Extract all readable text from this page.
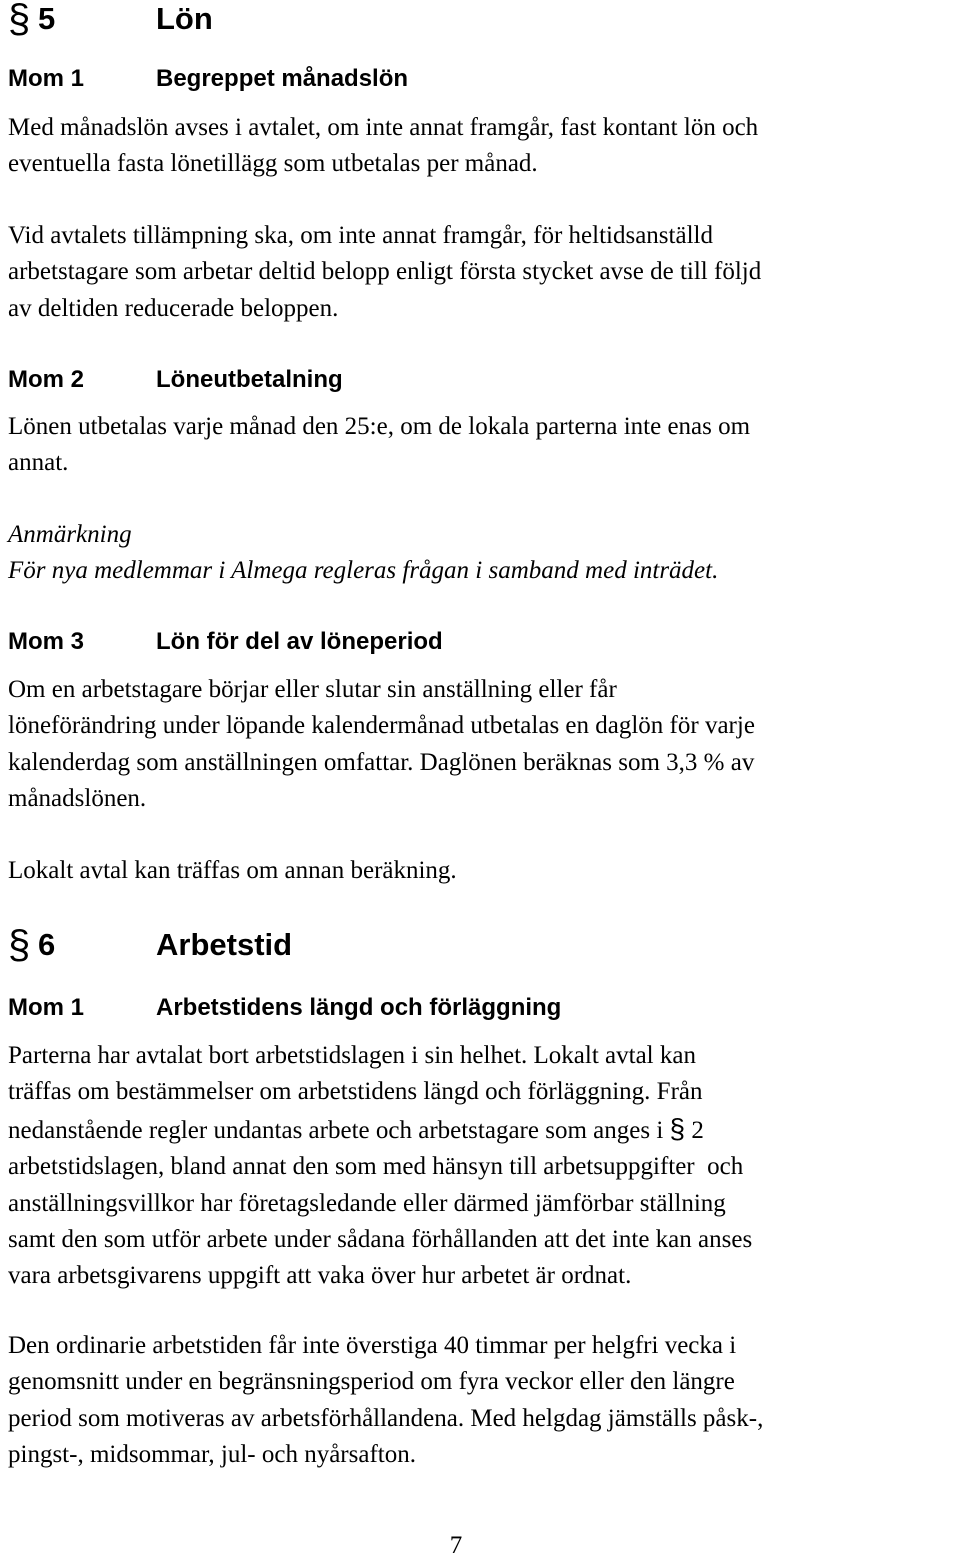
§ 5	Lön
Mom 1	Begreppet månadslön
Med månadslön avses i avtalet, om inte annat framgår, fast kontant lön och
eventuella fasta lönetillägg som utbetalas per månad.
Vid avtalets tillämpning ska, om inte annat framgår, för heltidsanställd
arbetstagare som arbetar deltid belopp enligt första stycket avse de till följd
av deltiden reducerade beloppen.
Mom 2	Löneutbetalning
Lönen utbetalas varje månad den 25:e, om de lokala parterna inte enas om
annat.
Anmärkning
För nya medlemmar i Almega regleras frågan i samband med inträdet.
Mom 3	Lön för del av löneperiod
Om en arbetstagare börjar eller slutar sin anställning eller får
löneförändring under löpande kalendermånad utbetalas en daglön för varje
kalenderdag som anställningen omfattar. Daglönen beräknas som 3,3 % av
månadslönen.
Lokalt avtal kan träffas om annan beräkning.
§ 6	Arbetstid
Mom 1	Arbetstidens längd och förläggning
Parterna har avtalat bort arbetstidslagen i sin helhet. Lokalt avtal kan
träffas om bestämmelser om arbetstidens längd och förläggning. Från
nedanstående regler undantas arbete och arbetstagare som anges i § 2
arbetstidslagen, bland annat den som med hänsyn till arbetsuppgifter  och
anställningsvillkor har företagsledande eller därmed jämförbar ställning
samt den som utför arbete under sådana förhållanden att det inte kan anses
vara arbetsgivarens uppgift att vaka över hur arbetet är ordnat.
Den ordinarie arbetstiden får inte överstiga 40 timmar per helgfri vecka i
genomsnitt under en begränsningsperiod om fyra veckor eller den längre
period som motiveras av arbetsförhållandena. Med helgdag jämställs påsk-,
pingst-, midsommar, jul- och nyårsafton.
7
